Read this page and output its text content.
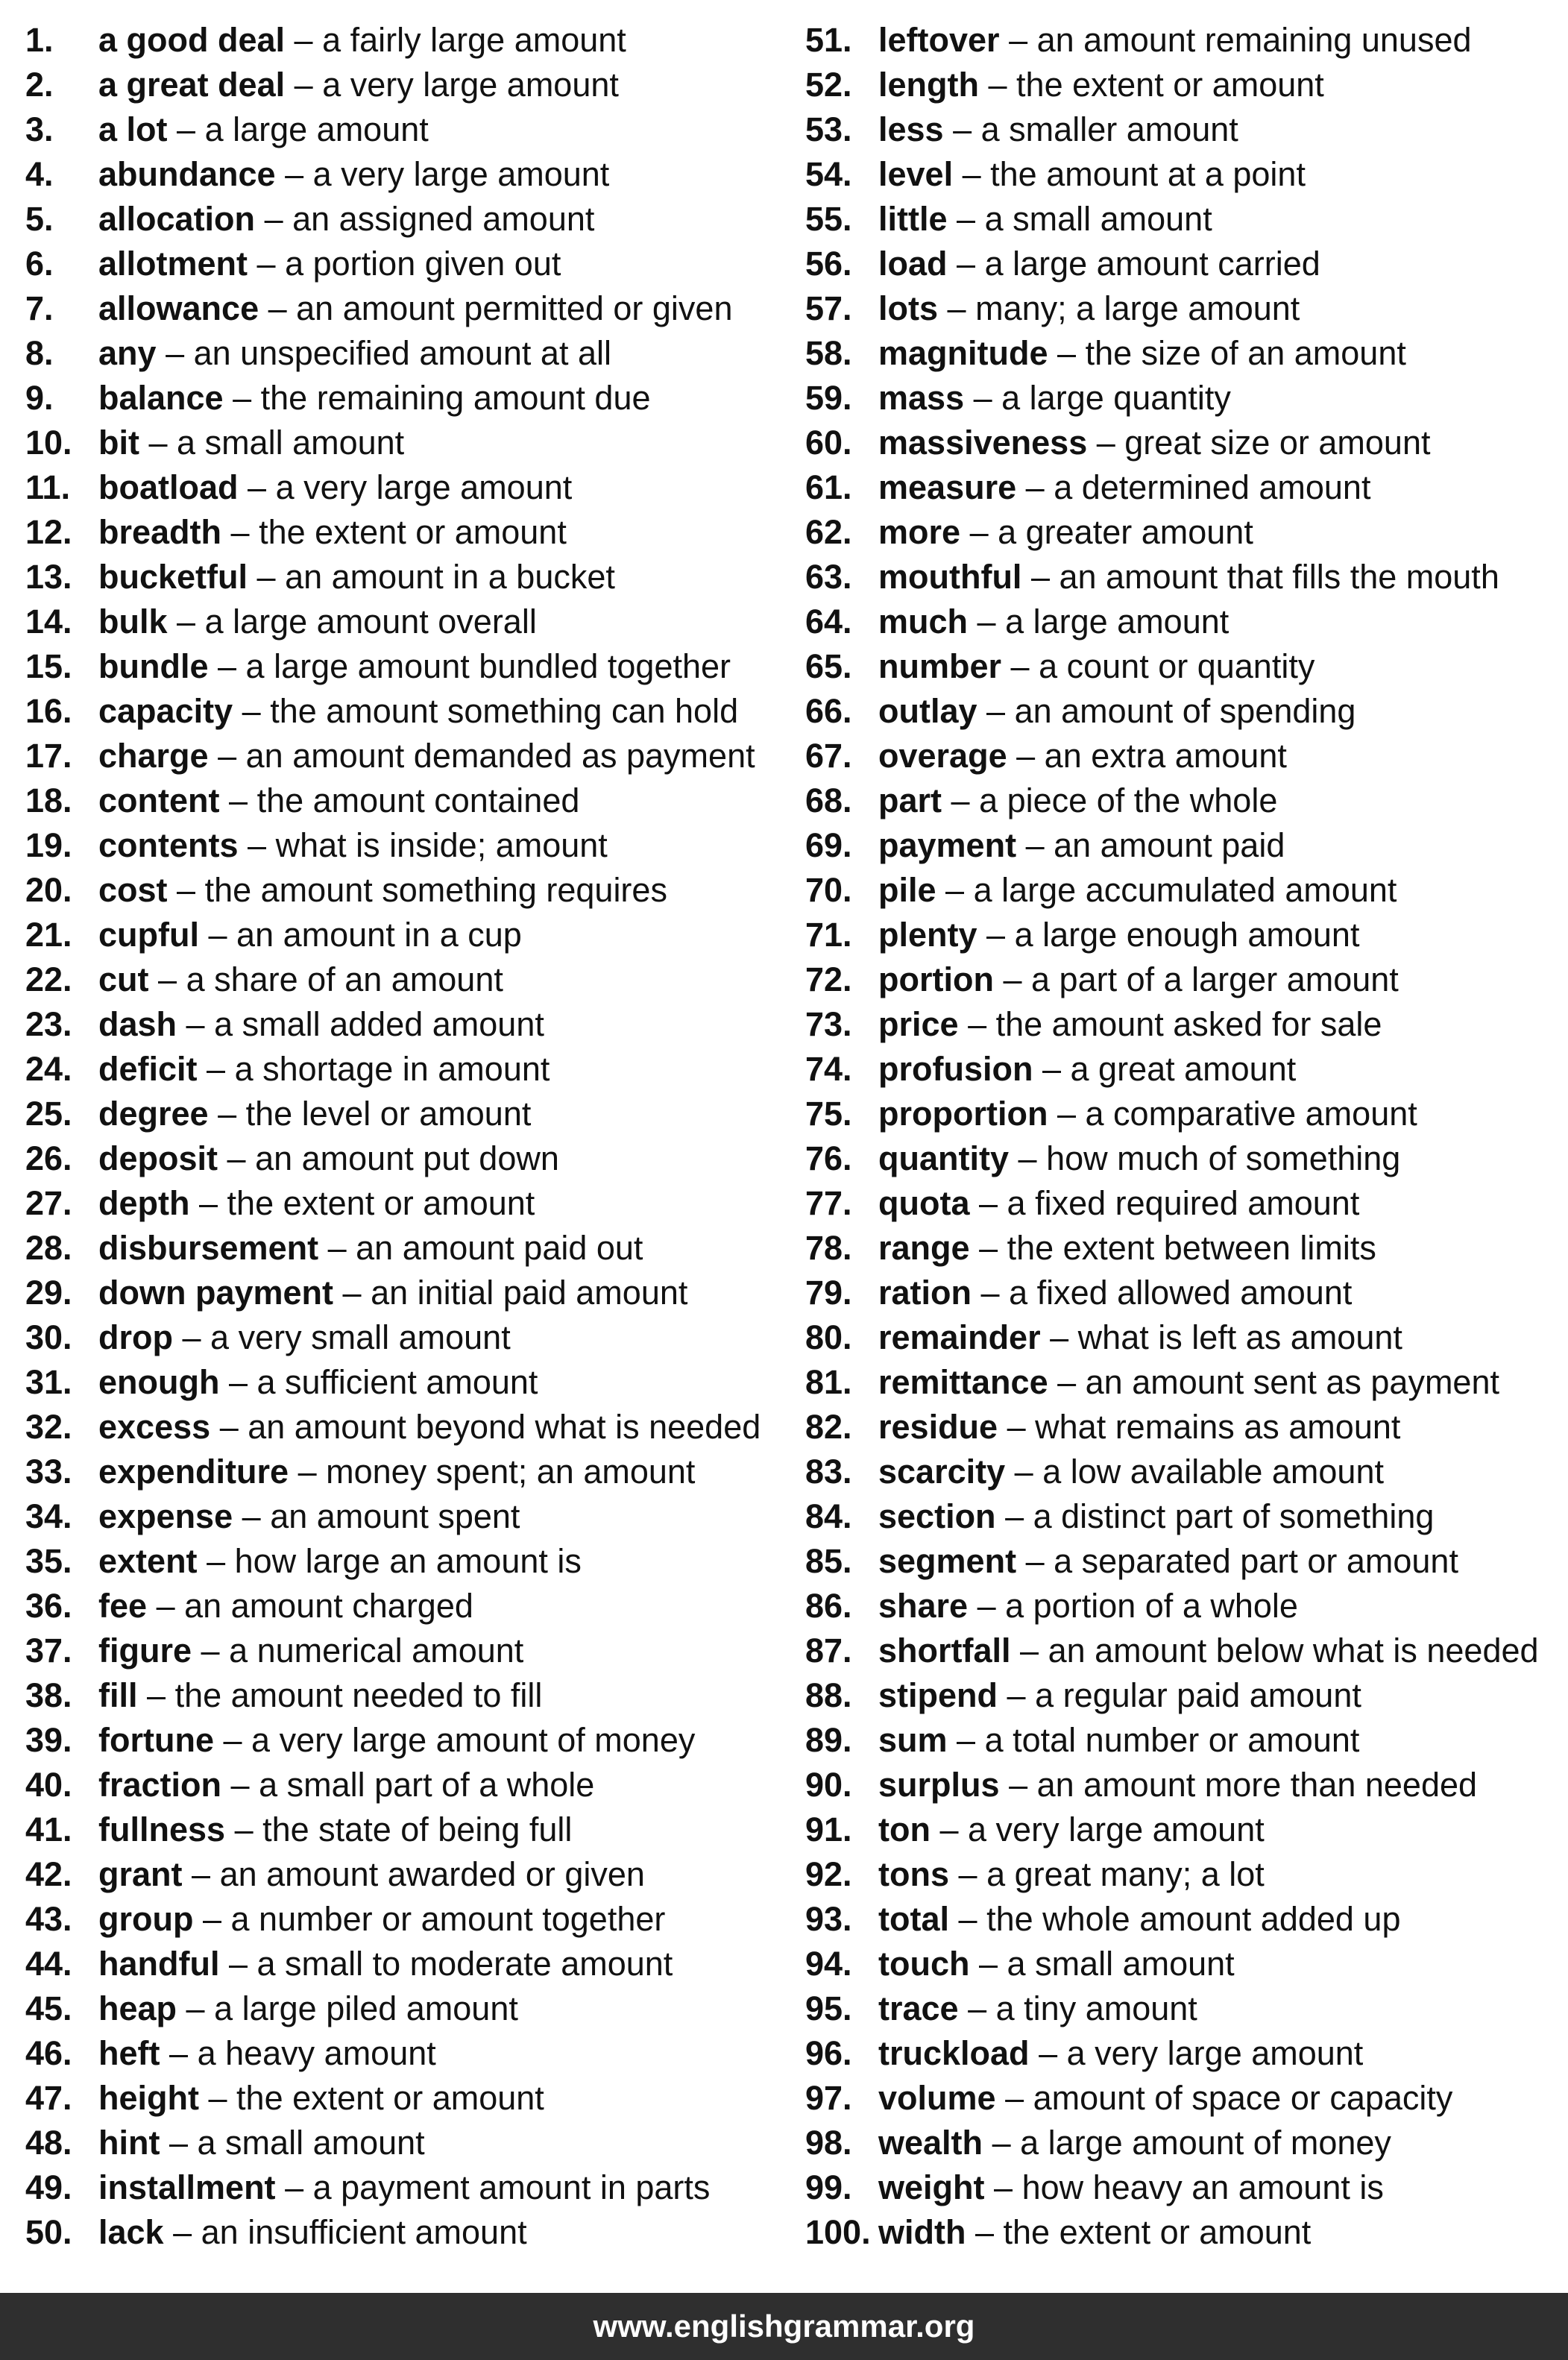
1. a good deal – a fairly large amount
2. a great deal – a very large amount
3. a lot – a large amount
4. abundance – a very large amount
5. allocation – an assigned amount
6. allotment – a portion given out
7. allowance – an amount permitted or given
8. any – an unspecified amount at all
9. balance – the remaining amount due
10. bit – a small amount
11. boatload – a very large amount
12. breadth – the extent or amount
13. bucketful – an amount in a bucket
14. bulk – a large amount overall
15. bundle – a large amount bundled together
16. capacity – the amount something can hold
17. charge – an amount demanded as payment
18. content – the amount contained
19. contents – what is inside; amount
20. cost – the amount something requires
21. cupful – an amount in a cup
22. cut – a share of an amount
23. dash – a small added amount
24. deficit – a shortage in amount
25. degree – the level or amount
26. deposit – an amount put down
27. depth – the extent or amount
28. disbursement – an amount paid out
29. down payment – an initial paid amount
30. drop – a very small amount
31. enough – a sufficient amount
32. excess – an amount beyond what is needed
33. expenditure – money spent; an amount
34. expense – an amount spent
35. extent – how large an amount is
36. fee – an amount charged
37. figure – a numerical amount
38. fill – the amount needed to fill
39. fortune – a very large amount of money
40. fraction – a small part of a whole
41. fullness – the state of being full
42. grant – an amount awarded or given
43. group – a number or amount together
44. handful – a small to moderate amount
45. heap – a large piled amount
46. heft – a heavy amount
47. height – the extent or amount
48. hint – a small amount
49. installment – a payment amount in parts
50. lack – an insufficient amount
51. leftover – an amount remaining unused
52. length – the extent or amount
53. less – a smaller amount
54. level – the amount at a point
55. little – a small amount
56. load – a large amount carried
57. lots – many; a large amount
58. magnitude – the size of an amount
59. mass – a large quantity
60. massiveness – great size or amount
61. measure – a determined amount
62. more – a greater amount
63. mouthful – an amount that fills the mouth
64. much – a large amount
65. number – a count or quantity
66. outlay – an amount of spending
67. overage – an extra amount
68. part – a piece of the whole
69. payment – an amount paid
70. pile – a large accumulated amount
71. plenty – a large enough amount
72. portion – a part of a larger amount
73. price – the amount asked for sale
74. profusion – a great amount
75. proportion – a comparative amount
76. quantity – how much of something
77. quota – a fixed required amount
78. range – the extent between limits
79. ration – a fixed allowed amount
80. remainder – what is left as amount
81. remittance – an amount sent as payment
82. residue – what remains as amount
83. scarcity – a low available amount
84. section – a distinct part of something
85. segment – a separated part or amount
86. share – a portion of a whole
87. shortfall – an amount below what is needed
88. stipend – a regular paid amount
89. sum – a total number or amount
90. surplus – an amount more than needed
91. ton – a very large amount
92. tons – a great many; a lot
93. total – the whole amount added up
94. touch – a small amount
95. trace – a tiny amount
96. truckload – a very large amount
97. volume – amount of space or capacity
98. wealth – a large amount of money
99. weight – how heavy an amount is
100. width – the extent or amount
www.englishgrammar.org
